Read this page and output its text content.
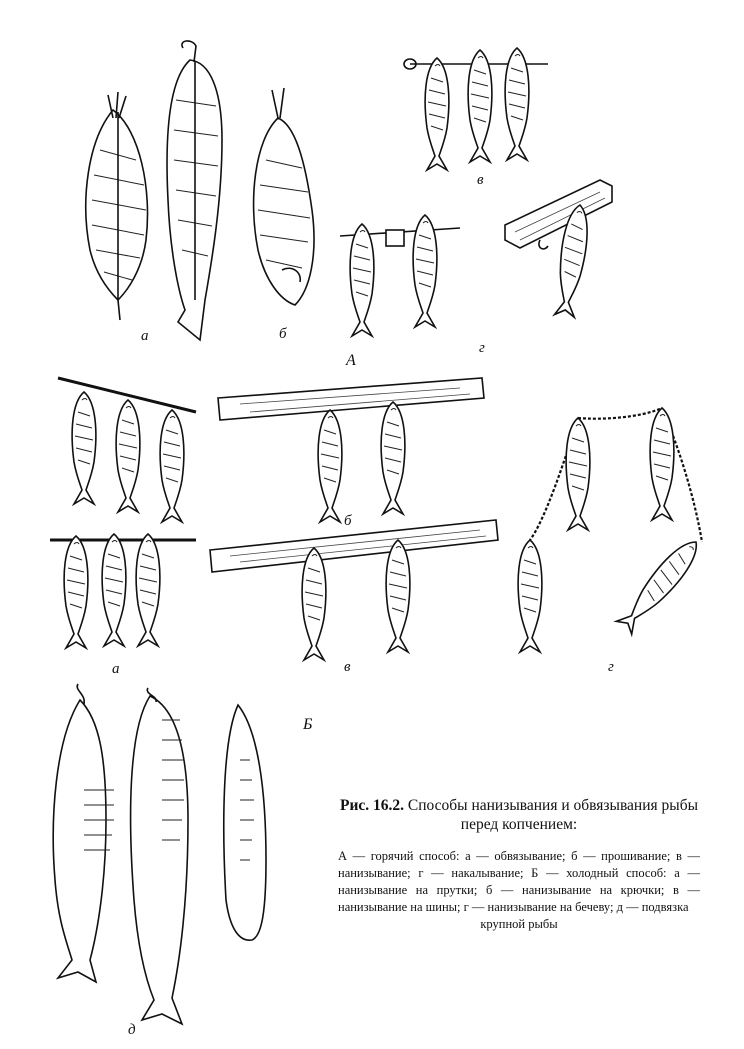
а	б
в
г
А
а
б
в	г
Б
д
Рис. 16.2. Способы нанизывания и обвязывания рыбы перед копчением:
А — горячий способ: а — обвязывание; б — прошивание; в — нанизывание; г — накалывание; Б — холодный способ: а — нанизывание на прутки; б — нанизывание на крючки; в — нанизывание на шины; г — нанизывание на бечеву; д — подвязка
крупной рыбы
